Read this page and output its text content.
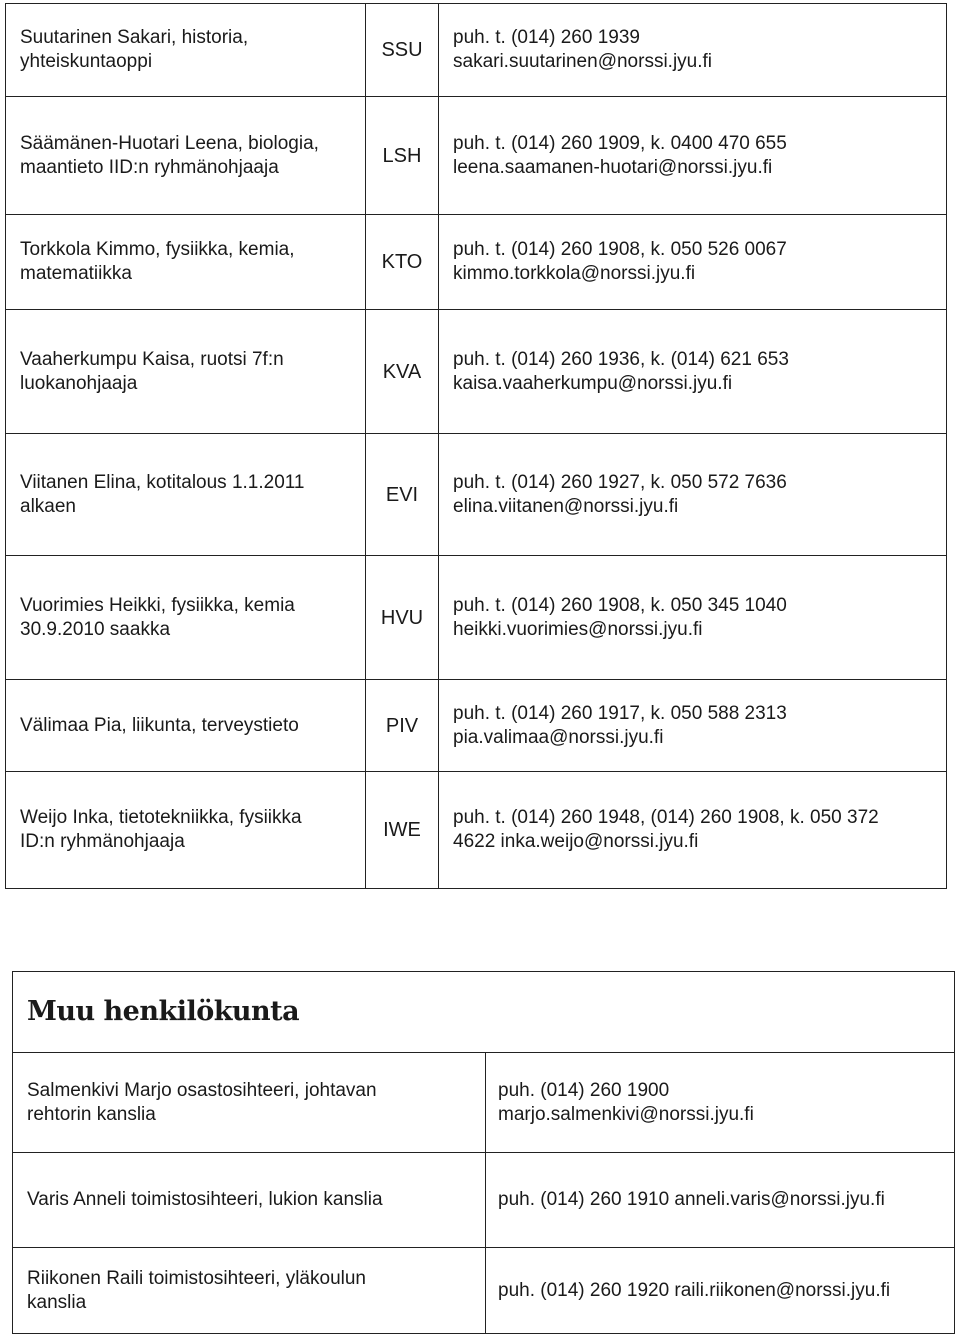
Suutarinen Sakari, historia,
yhteiskuntaoppi	SSU	puh. t. (014) 260 1939
sakari.suutarinen@norssi.jyu.fi

Säämänen-Huotari Leena, biologia,
maantieto IID:n ryhmänohjaaja	LSH	puh. t. (014) 260 1909, k. 0400 470 655
leena.saamanen-huotari@norssi.jyu.fi

Torkkola Kimmo, fysiikka, kemia,
matematiikka	KTO	puh. t. (014) 260 1908, k. 050 526 0067
kimmo.torkkola@norssi.jyu.fi

Vaaherkumpu Kaisa, ruotsi 7f:n
luokanohjaaja	KVA	puh. t. (014) 260 1936, k. (014) 621 653
kaisa.vaaherkumpu@norssi.jyu.fi

Viitanen Elina, kotitalous 1.1.2011
alkaen	EVI	puh. t. (014) 260 1927, k. 050 572 7636
elina.viitanen@norssi.jyu.fi

Vuorimies Heikki, fysiikka, kemia
30.9.2010 saakka	HVU	puh. t. (014) 260 1908, k. 050 345 1040
heikki.vuorimies@norssi.jyu.fi

Välimaa Pia, liikunta, terveystieto	PIV	puh. t. (014) 260 1917, k. 050 588 2313
pia.valimaa@norssi.jyu.fi

Weijo Inka, tietotekniikka, fysiikka
ID:n ryhmänohjaaja	IWE	puh. t. (014) 260 1948, (014) 260 1908, k. 050 372
4622 inka.weijo@norssi.jyu.fi
Muu henkilökunta	

Salmenkivi Marjo osastosihteeri, johtavan
rehtorin kanslia	puh. (014) 260 1900
marjo.salmenkivi@norssi.jyu.fi

Varis Anneli toimistosihteeri, lukion kanslia	puh. (014) 260 1910 anneli.varis@norssi.jyu.fi

Riikonen Raili toimistosihteeri, yläkoulun
kanslia	puh. (014) 260 1920 raili.riikonen@norssi.jyu.fi
